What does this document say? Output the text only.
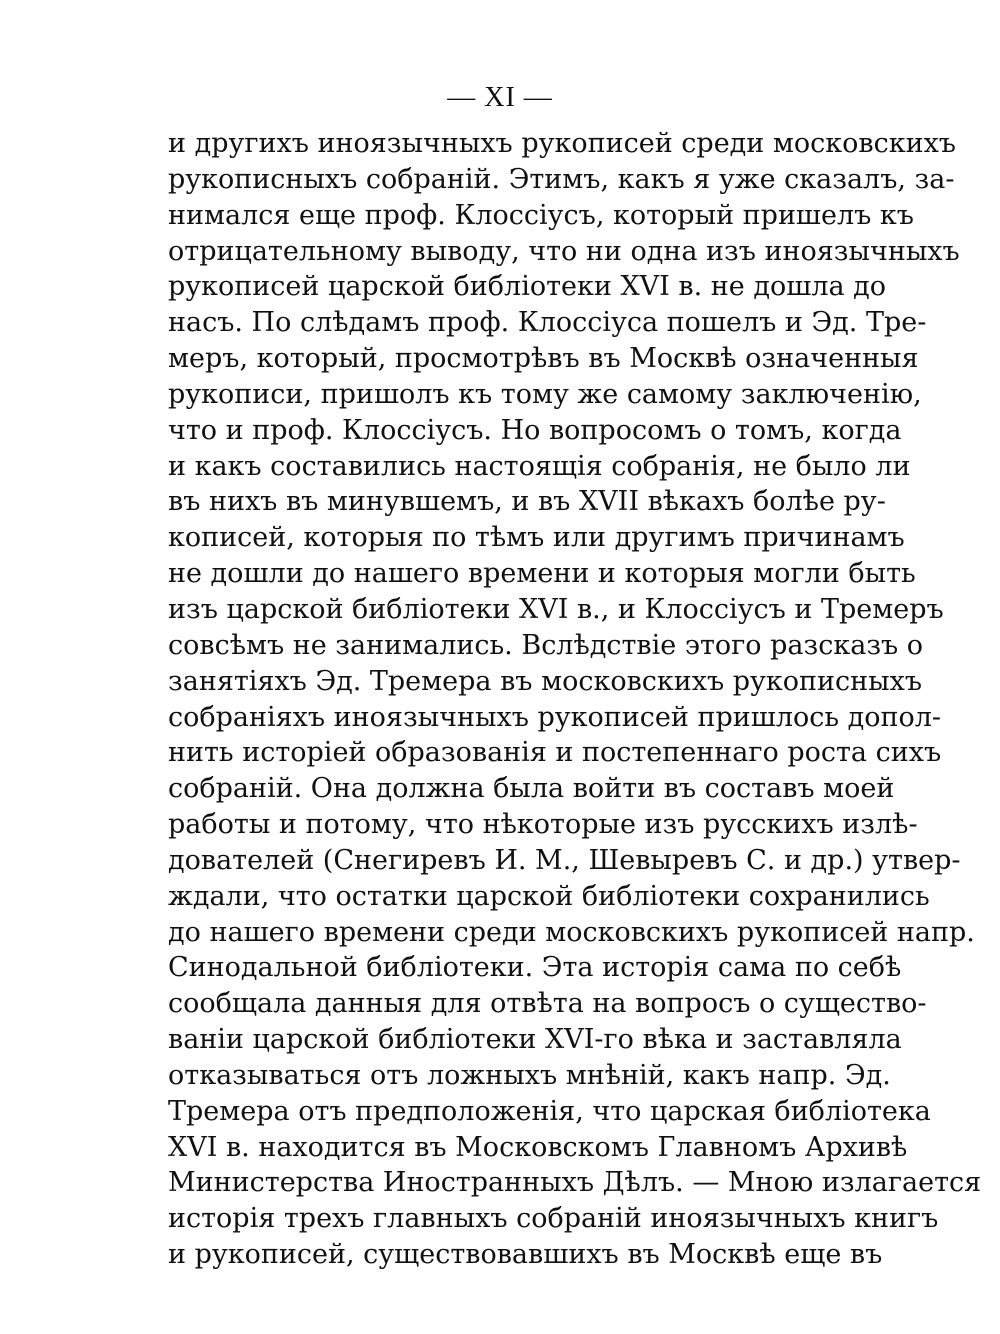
— XI —
и другихъ иноязычныхъ рукописей среди московскихъ
рукописныхъ собраній. Этимъ, какъ я уже сказалъ, за-
нимался еще проф. Клоссіусъ, который пришелъ къ
отрицательному выводу, что ни одна изъ иноязычныхъ
рукописей царской библіотеки XVI в. не дошла до
насъ. По слѣдамъ проф. Клоссіуса пошелъ и Эд. Тре-
меръ, который, просмотрѣвъ въ Москвѣ означенныя
рукописи, пришолъ къ тому же самому заключенію,
что и проф. Клоссіусъ. Но вопросомъ о томъ, когда
и какъ составились настоящія собранія, не было ли
въ нихъ въ минувшемъ, и въ XVII вѣкахъ болѣе ру-
кописей, которыя по тѣмъ или другимъ причинамъ
не дошли до нашего времени и которыя могли быть
изъ царской библіотеки XVI в., и Клоссіусъ и Тремеръ
совсѣмъ не занимались. Вслѣдствіе этого разсказъ о
занятіяхъ Эд. Тремера въ московскихъ рукописныхъ
собраніяхъ иноязычныхъ рукописей пришлось допол-
нить исторіей образованія и постепеннаго роста сихъ
собраній. Она должна была войти въ составъ моей
работы и потому, что нѣкоторые изъ русскихъ излѣ-
дователей (Снегиревъ И. М., Шевыревъ С. и др.) утвер-
ждали, что остатки царской библіотеки сохранились
до нашего времени среди московскихъ рукописей напр.
Синодальной библіотеки. Эта исторія сама по себѣ
сообщала данныя для отвѣта на вопросъ о существо-
ваніи царской библіотеки XVI-го вѣка и заставляла
отказываться отъ ложныхъ мнѣній, какъ напр. Эд.
Тремера отъ предположенія, что царская библіотека
XVI в. находится въ Московскомъ Главномъ Архивѣ
Министерства Иностранныхъ Дѣлъ. — Мною излагается
исторія трехъ главныхъ собраній иноязычныхъ книгъ
и рукописей, существовавшихъ въ Москвѣ еще въ
